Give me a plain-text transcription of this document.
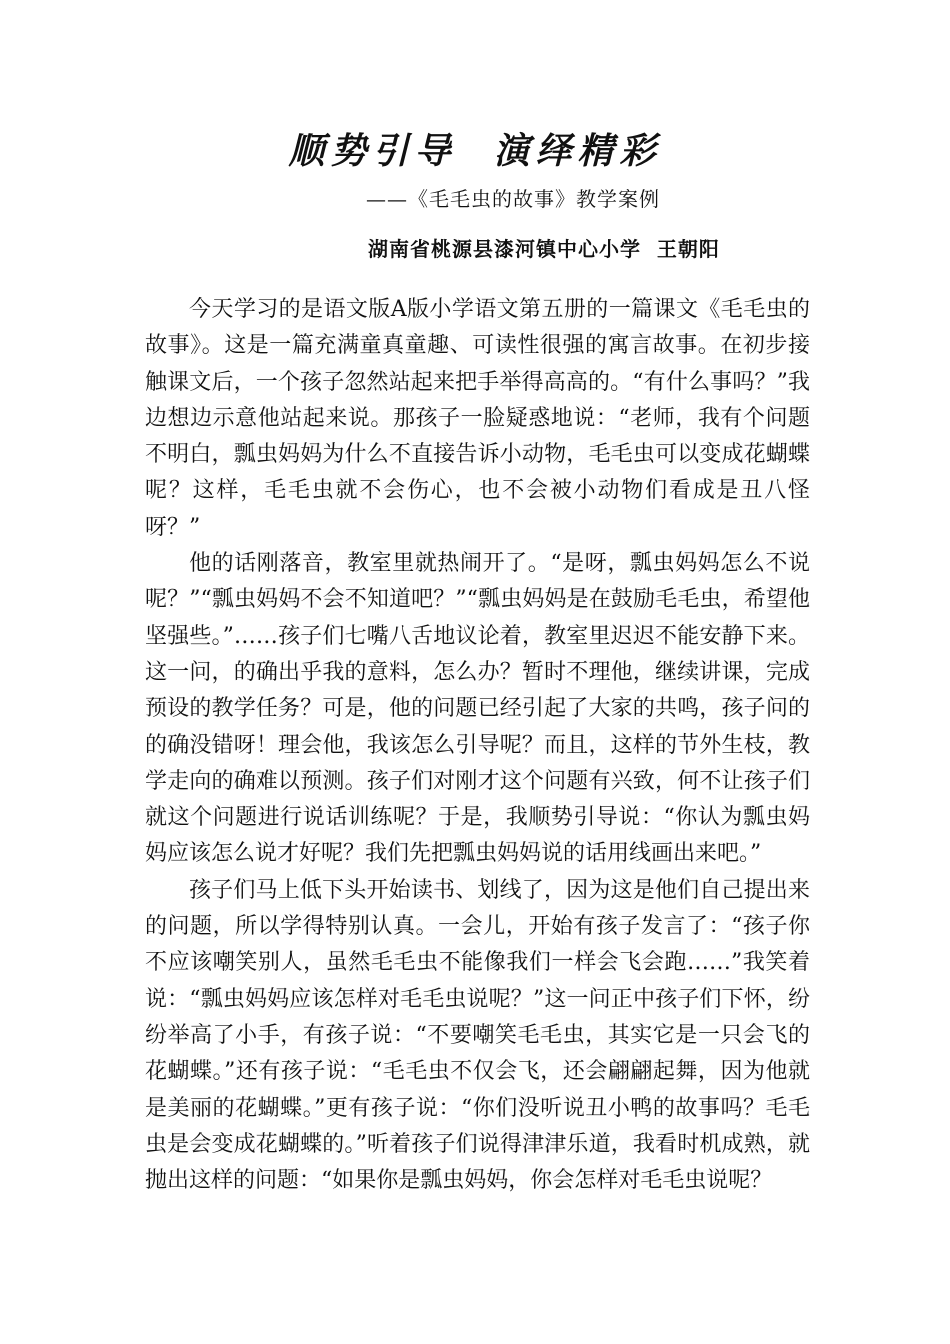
顺势引导  演绎精彩
——《毛毛虫的故事》教学案例
湖南省桃源县漆河镇中心小学  王朝阳

今天学习的是语文版A版小学语文第五册的一篇课文《毛毛虫的故事》。这是一篇充满童真童趣、可读性很强的寓言故事。在初步接触课文后，一个孩子忽然站起来把手举得高高的。“有什么事吗？”我边想边示意他站起来说。那孩子一脸疑惑地说：“老师，我有个问题不明白，瓢虫妈妈为什么不直接告诉小动物，毛毛虫可以变成花蝴蝶呢？这样，毛毛虫就不会伤心，也不会被小动物们看成是丑八怪呀？”

他的话刚落音，教室里就热闹开了。“是呀，瓢虫妈妈怎么不说呢？”“瓢虫妈妈不会不知道吧？”“瓢虫妈妈是在鼓励毛毛虫，希望他坚强些。”……孩子们七嘴八舌地议论着，教室里迟迟不能安静下来。这一问，的确出乎我的意料，怎么办？暂时不理他，继续讲课，完成预设的教学任务？可是，他的问题已经引起了大家的共鸣，孩子问的的确没错呀！理会他，我该怎么引导呢？而且，这样的节外生枝，教学走向的确难以预测。孩子们对刚才这个问题有兴致，何不让孩子们就这个问题进行说话训练呢？于是，我顺势引导说：“你认为瓢虫妈妈应该怎么说才好呢？我们先把瓢虫妈妈说的话用线画出来吧。”

孩子们马上低下头开始读书、划线了，因为这是他们自己提出来的问题，所以学得特别认真。一会儿，开始有孩子发言了：“孩子你不应该嘲笑别人，虽然毛毛虫不能像我们一样会飞会跑……”我笑着说：“瓢虫妈妈应该怎样对毛毛虫说呢？”这一问正中孩子们下怀，纷纷举高了小手，有孩子说：“不要嘲笑毛毛虫，其实它是一只会飞的花蝴蝶。”还有孩子说：“毛毛虫不仅会飞，还会翩翩起舞，因为他就是美丽的花蝴蝶。”更有孩子说：“你们没听说丑小鸭的故事吗？毛毛虫是会变成花蝴蝶的。”听着孩子们说得津津乐道，我看时机成熟，就抛出这样的问题：“如果你是瓢虫妈妈，你会怎样对毛毛虫说呢？
